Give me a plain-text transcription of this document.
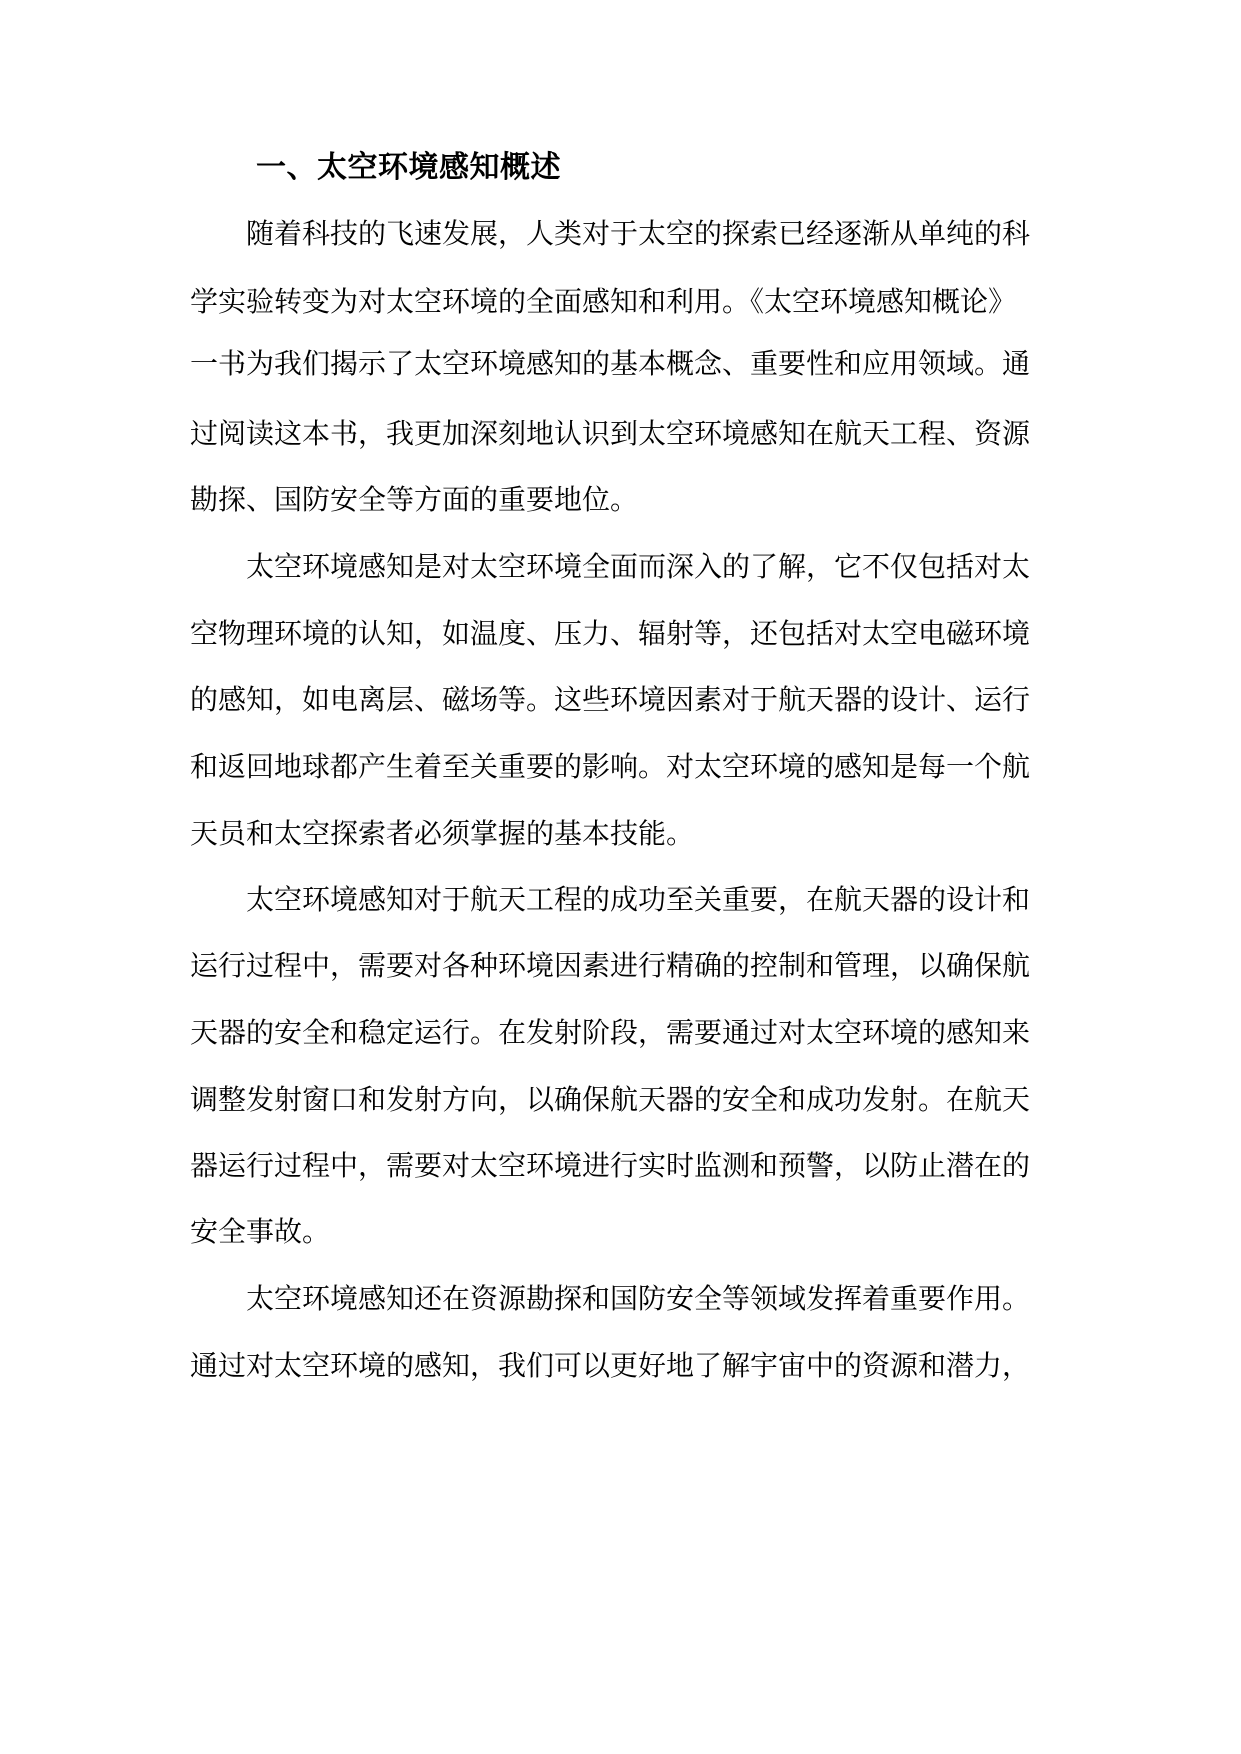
一、太空环境感知概述
随着科技的飞速发展，人类对于太空的探索已经逐渐从单纯的科
学实验转变为对太空环境的全面感知和利用。《太空环境感知概论》
一书为我们揭示了太空环境感知的基本概念、重要性和应用领域。通
过阅读这本书，我更加深刻地认识到太空环境感知在航天工程、资源
勘探、国防安全等方面的重要地位。
太空环境感知是对太空环境全面而深入的了解，它不仅包括对太
空物理环境的认知，如温度、压力、辐射等，还包括对太空电磁环境
的感知，如电离层、磁场等。这些环境因素对于航天器的设计、运行
和返回地球都产生着至关重要的影响。对太空环境的感知是每一个航
天员和太空探索者必须掌握的基本技能。
太空环境感知对于航天工程的成功至关重要，在航天器的设计和
运行过程中，需要对各种环境因素进行精确的控制和管理，以确保航
天器的安全和稳定运行。在发射阶段，需要通过对太空环境的感知来
调整发射窗口和发射方向，以确保航天器的安全和成功发射。在航天
器运行过程中，需要对太空环境进行实时监测和预警，以防止潜在的
安全事故。
太空环境感知还在资源勘探和国防安全等领域发挥着重要作用。
通过对太空环境的感知，我们可以更好地了解宇宙中的资源和潜力，
